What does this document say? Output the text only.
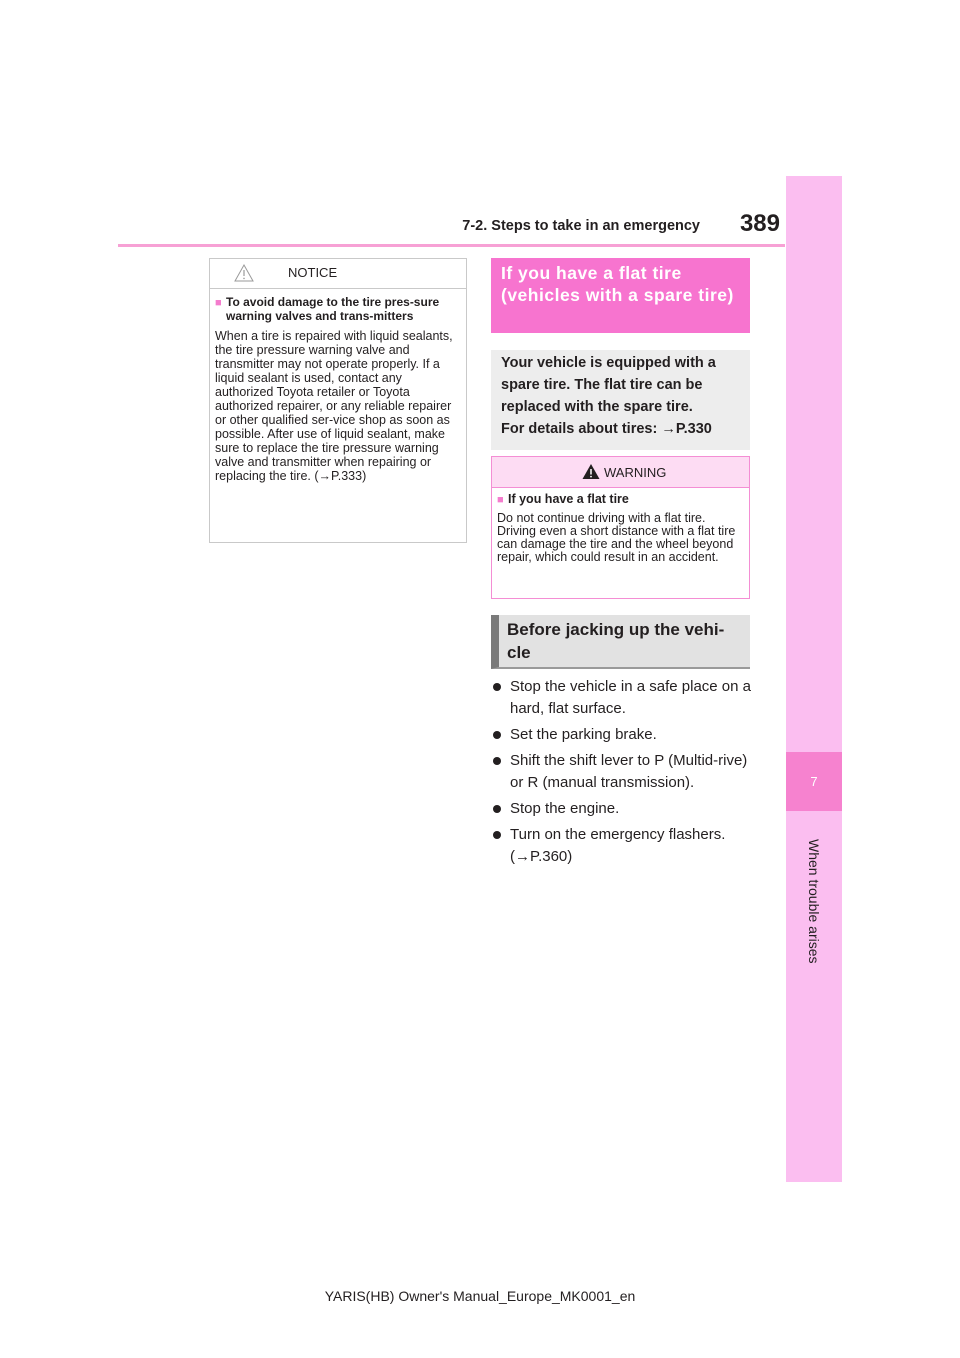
7-2. Steps to take in an emergency	389
7
When trouble arises
NOTICE
■ To avoid damage to the tire pres-sure warning valves and trans-mitters
When a tire is repaired with liquid sealants, the tire pressure warning valve and transmitter may not operate properly. If a liquid sealant is used, contact any authorized Toyota retailer or Toyota authorized repairer, or any reliable repairer or other qualified ser-vice shop as soon as possible. After use of liquid sealant, make sure to replace the tire pressure warning valve and transmitter when repairing or replacing the tire. (→P.333)
If you have a flat tire (vehicles with a spare tire)
Your vehicle is equipped with a spare tire. The flat tire can be replaced with the spare tire.
For details about tires: →P.330
WARNING
■ If you have a flat tire
Do not continue driving with a flat tire. Driving even a short distance with a flat tire can damage the tire and the wheel beyond repair, which could result in an accident.
Before jacking up the vehi-cle
Stop the vehicle in a safe place on a hard, flat surface.
Set the parking brake.
Shift the shift lever to P (Multid-rive) or R (manual transmission).
Stop the engine.
Turn on the emergency flashers. (→P.360)
YARIS(HB) Owner's Manual_Europe_MK0001_en
